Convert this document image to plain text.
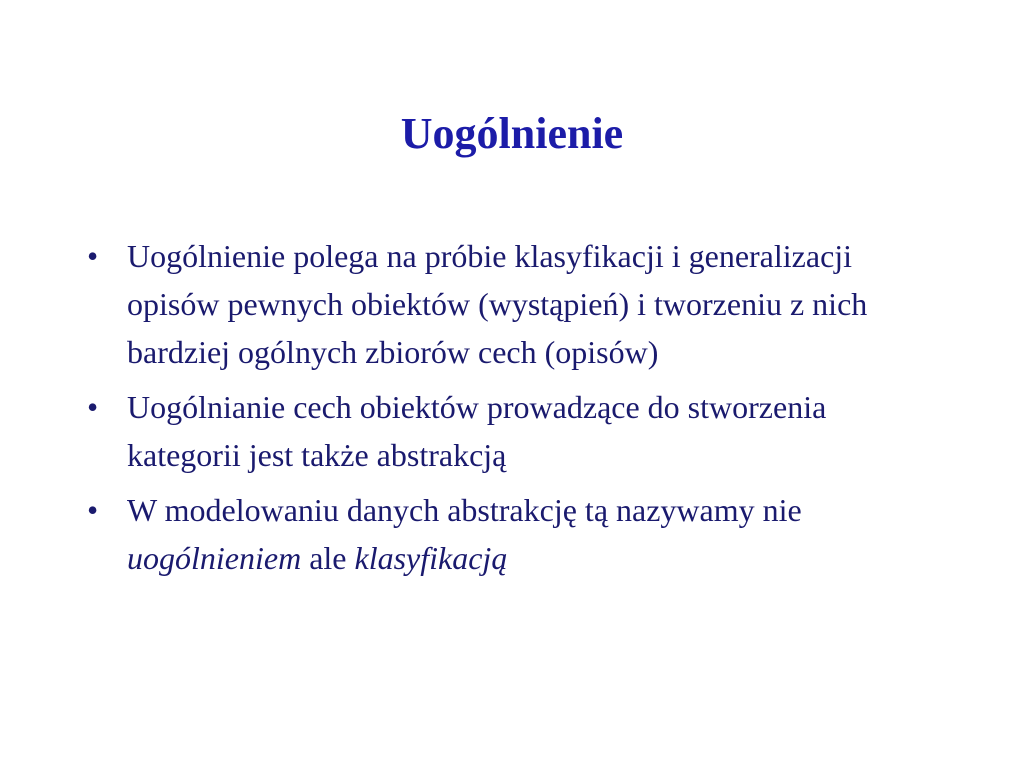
Uogólnienie
• Uogólnienie polega na próbie klasyfikacji i generalizacji opisów pewnych obiektów (wystąpień) i tworzeniu z nich bardziej ogólnych zbiorów cech (opisów)
• Uogólnianie cech obiektów prowadzące do stworzenia kategorii jest także abstrakcją
• W modelowaniu danych abstrakcję tą nazywamy nie uogólnieniem ale klasyfikacją
